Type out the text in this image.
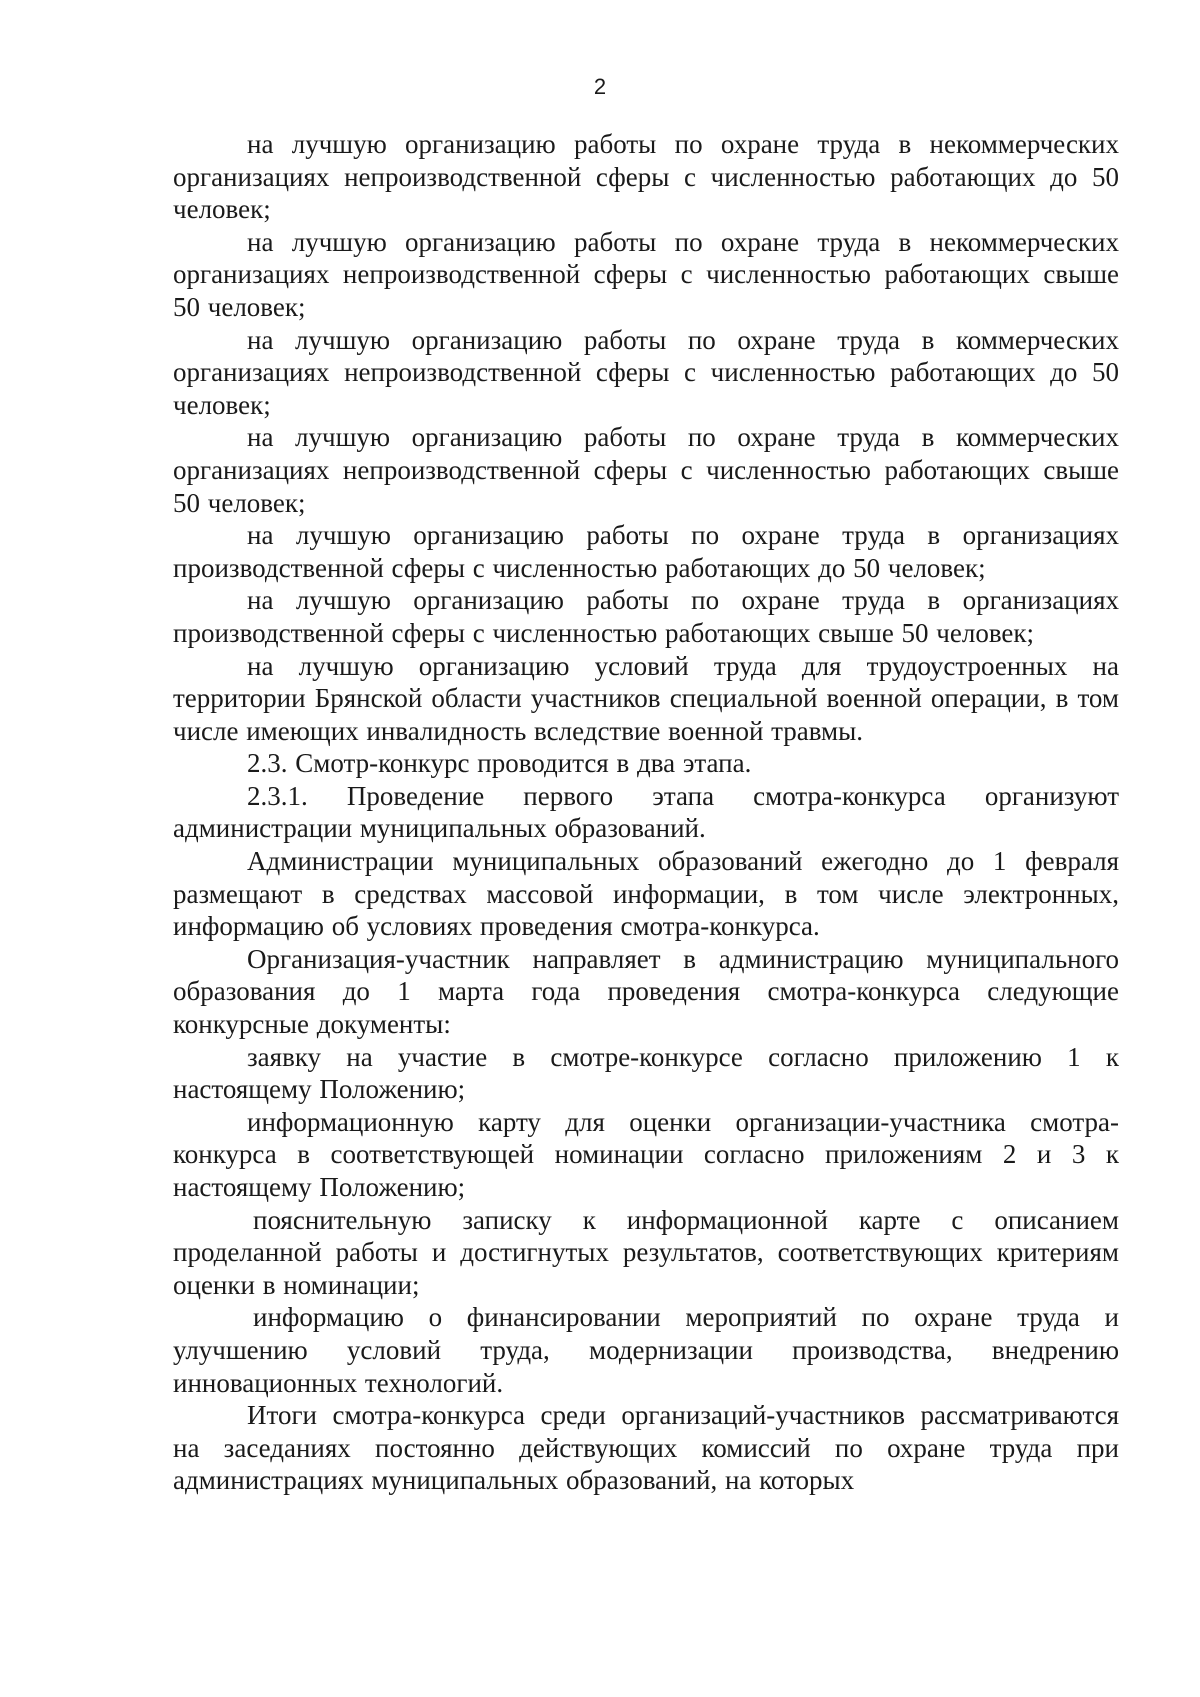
2

на лучшую организацию работы по охране труда в некоммерческих организациях непроизводственной сферы с численностью работающих до 50 человек;

на лучшую организацию работы по охране труда в некоммерческих организациях непроизводственной сферы с численностью работающих свыше 50 человек;

на лучшую организацию работы по охране труда в коммерческих организациях непроизводственной сферы с численностью работающих до 50 человек;

на лучшую организацию работы по охране труда в коммерческих организациях непроизводственной сферы с численностью работающих свыше 50 человек;

на лучшую организацию работы по охране труда в организациях производственной сферы с численностью работающих до 50 человек;

на лучшую организацию работы по охране труда в организациях производственной сферы с численностью работающих свыше 50 человек;

на лучшую организацию условий труда для трудоустроенных на территории Брянской области участников специальной военной операции, в том числе имеющих инвалидность вследствие военной травмы.

2.3. Смотр-конкурс проводится в два этапа.

2.3.1. Проведение первого этапа смотра-конкурса организуют администрации муниципальных образований.

Администрации муниципальных образований ежегодно до 1 февраля размещают в средствах массовой информации, в том числе электронных, информацию об условиях проведения смотра-конкурса.

Организация-участник направляет в администрацию муниципального образования до 1 марта года проведения смотра-конкурса следующие конкурсные документы:

заявку на участие в смотре-конкурсе согласно приложению 1 к настоящему Положению;

информационную карту для оценки организации-участника смотра-конкурса в соответствующей номинации согласно приложениям 2 и 3 к настоящему Положению;

пояснительную записку к информационной карте с описанием проделанной работы и достигнутых результатов, соответствующих критериям оценки в номинации;

информацию о финансировании мероприятий по охране труда и улучшению условий труда, модернизации производства, внедрению инновационных технологий.

Итоги смотра-конкурса среди организаций-участников рассматриваются на заседаниях постоянно действующих комиссий по охране труда при администрациях муниципальных образований, на которых
